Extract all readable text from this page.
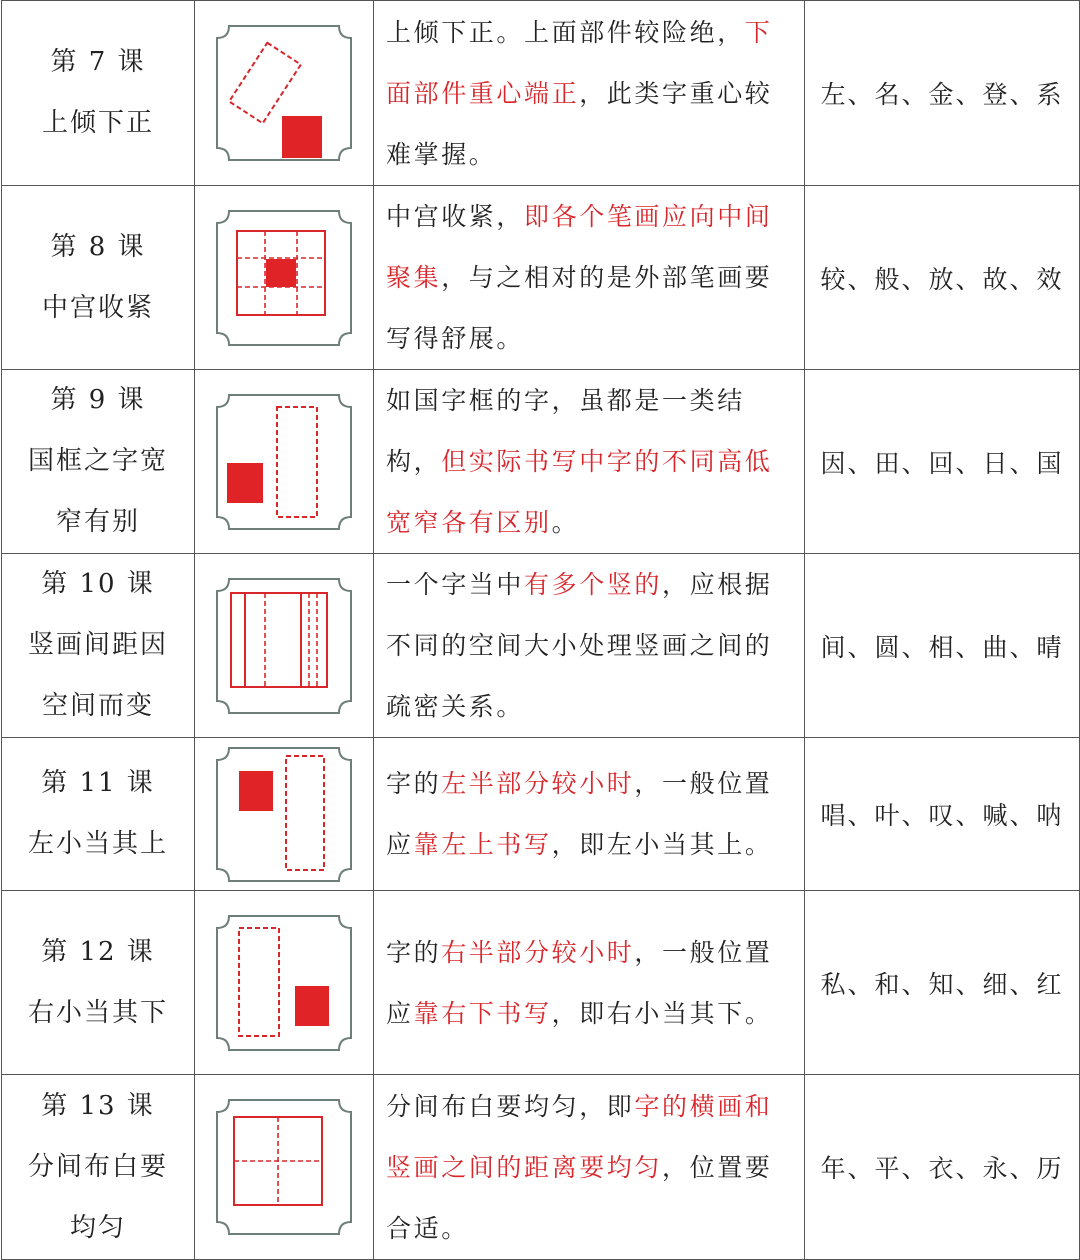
第 7 课
上倾下正		上倾下正。上面部件较险绝，下面部件重心端正，此类字重心较难掌握。	左、名、金、登、系

第 8 课
中宫收紧		中宫收紧，即各个笔画应向中间聚集，与之相对的是外部笔画要写得舒展。	较、般、放、故、效

第 9 课
国框之字宽
窄有别		如国字框的字，虽都是一类结构，但实际书写中字的不同高低宽窄各有区别。	因、田、回、日、国

第 10 课
竖画间距因
空间而变		一个字当中有多个竖的，应根据不同的空间大小处理竖画之间的疏密关系。	间、圆、相、曲、晴

第 11 课
左小当其上		字的左半部分较小时，一般位置应靠左上书写，即左小当其上。	唱、叶、叹、喊、呐

第 12 课
右小当其下		字的右半部分较小时，一般位置应靠右下书写，即右小当其下。	私、和、知、细、红

第 13 课
分间布白要
均匀		分间布白要均匀，即字的横画和竖画之间的距离要均匀，位置要合适。	年、平、衣、永、历
